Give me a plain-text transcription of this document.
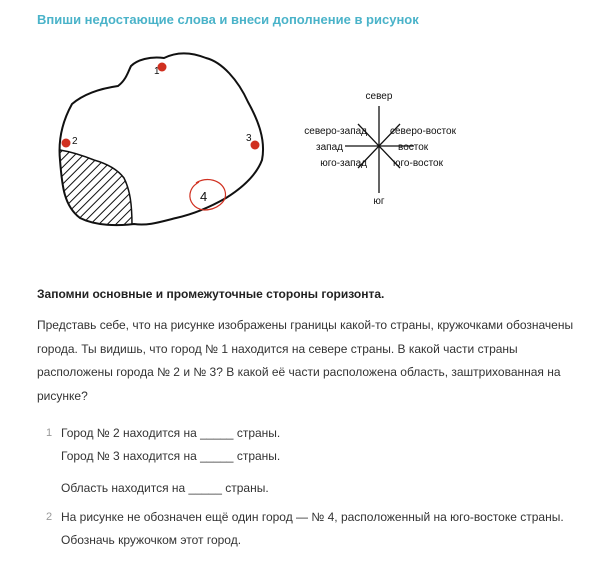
Впиши недостающие слова и внеси дополнение в рисунок
1
2	3
4
север
юг
запад	восток
северо-запад северо-восток
юго-запад	юго-восток
Запомни основные и промежуточные стороны горизонта.
Представь себе, что на рисунке изображены границы какой-то страны, кружочками обозначены города. Ты видишь, что город № 1 находится на севере страны. В какой части страны расположены города № 2 и № 3? В какой её части расположена область, заштрихованная на рисунке?
1 Город № 2 находится на _____ страны.
Город № 3 находится на _____ страны.
Область находится на _____ страны.
2 На рисунке не обозначен ещё один город — № 4, расположенный на юго-востоке страны.
Обозначь кружочком этот город.
